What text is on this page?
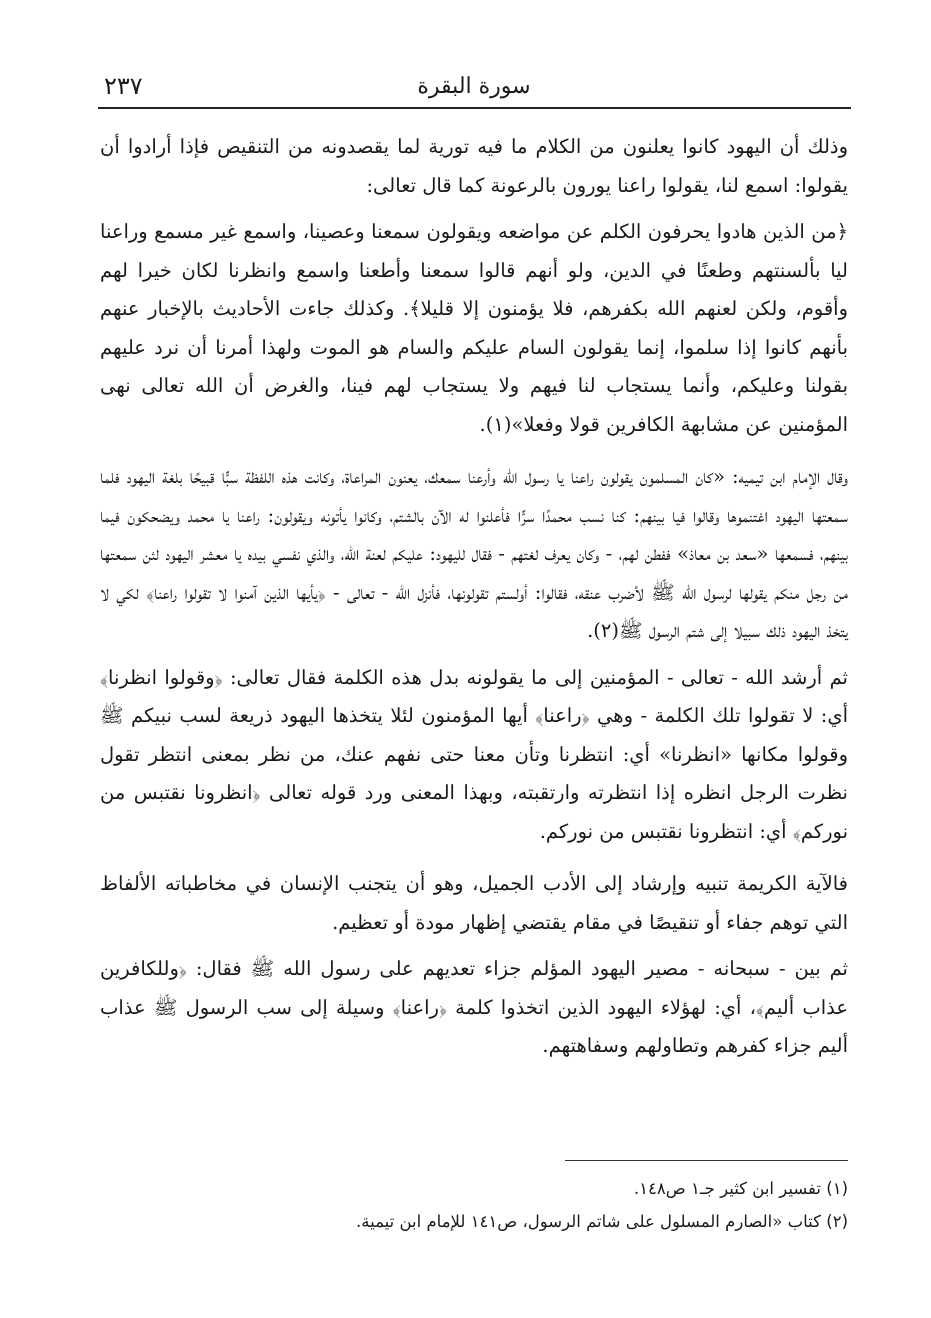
سورة البقرة
٢٣٧

وذلك أن اليهود كانوا يعلنون من الكلام ما فيه تورية لما يقصدونه من التنقيص فإذا أرادوا أن يقولوا: اسمع لنا، يقولوا راعنا يورون بالرعونة كما قال تعالى:

﴿من الذين هادوا يحرفون الكلم عن مواضعه ويقولون سمعنا وعصينا، واسمع غير مسمع وراعنا ليا بألسنتهم وطعنًا في الدين، ولو أنهم قالوا سمعنا وأطعنا واسمع وانظرنا لكان خيرا لهم وأقوم، ولكن لعنهم الله بكفرهم، فلا يؤمنون إلا قليلا﴾. وكذلك جاءت الأحاديث بالإخبار عنهم بأنهم كانوا إذا سلموا، إنما يقولون السام عليكم والسام هو الموت ولهذا أمرنا أن نرد عليهم بقولنا وعليكم، وأنما يستجاب لنا فيهم ولا يستجاب لهم فينا، والغرض أن الله تعالى نهى المؤمنين عن مشابهة الكافرين قولا وفعلا»(١).

وقال الإمام ابن تيميه: «كان المسلمون يقولون راعنا يا رسول الله وأرعنا سمعك، يعنون المراعاة، وكانت هذه اللفظة سبًّا قبيحًا بلغة اليهود فلما سمعتها اليهود اغتنموها وقالوا فيا بينهم: كنا نسب محمدًا سرًّا فأعلنوا له الآن بالشتم، وكانوا يأتونه ويقولون: راعنا يا محمد ويضحكون فيما بينهم، فسمعها «سعد بن معاذ» ففطن لهم، - وكان يعرف لغتهم - فقال لليهود: عليكم لعنة الله، والذي نفسي بيده يا معشر اليهود لئن سمعتها من رجل منكم يقولها لرسول الله ﷺ لأضرب عنقه، فقالوا: أولستم تقولونها، فأنزل الله - تعالى - ﴿يأيها الذين آمنوا لا تقولوا راعنا﴾ لكي لا يتخذ اليهود ذلك سبيلا إلى شتم الرسول ﷺ(٢).

ثم أرشد الله - تعالى - المؤمنين إلى ما يقولونه بدل هذه الكلمة فقال تعالى: ﴿وقولوا انظرنا﴾ أي: لا تقولوا تلك الكلمة - وهي ﴿راعنا﴾ أيها المؤمنون لئلا يتخذها اليهود ذريعة لسب نبيكم ﷺ وقولوا مكانها «انظرنا» أي: انتظرنا وتأن معنا حتى نفهم عنك، من نظر بمعنى انتظر تقول نظرت الرجل انظره إذا انتظرته وارتقبته، وبهذا المعنى ورد قوله تعالى ﴿انظرونا نقتبس من نوركم﴾ أي: انتظرونا نقتبس من نوركم.

فالآية الكريمة تنبيه وإرشاد إلى الأدب الجميل، وهو أن يتجنب الإنسان في مخاطباته الألفاظ التي توهم جفاء أو تنقيصًا في مقام يقتضي إظهار مودة أو تعظيم.

ثم بين - سبحانه - مصير اليهود المؤلم جزاء تعديهم على رسول الله ﷺ فقال: ﴿وللكافرين عذاب أليم﴾، أي: لهؤلاء اليهود الذين اتخذوا كلمة ﴿راعنا﴾ وسيلة إلى سب الرسول ﷺ عذاب أليم جزاء كفرهم وتطاولهم وسفاهتهم.

(١) تفسير ابن كثير جـ١ ص١٤٨.

(٢) كتاب «الصارم المسلول على شاتم الرسول، ص١٤١ للإمام ابن تيمية.
